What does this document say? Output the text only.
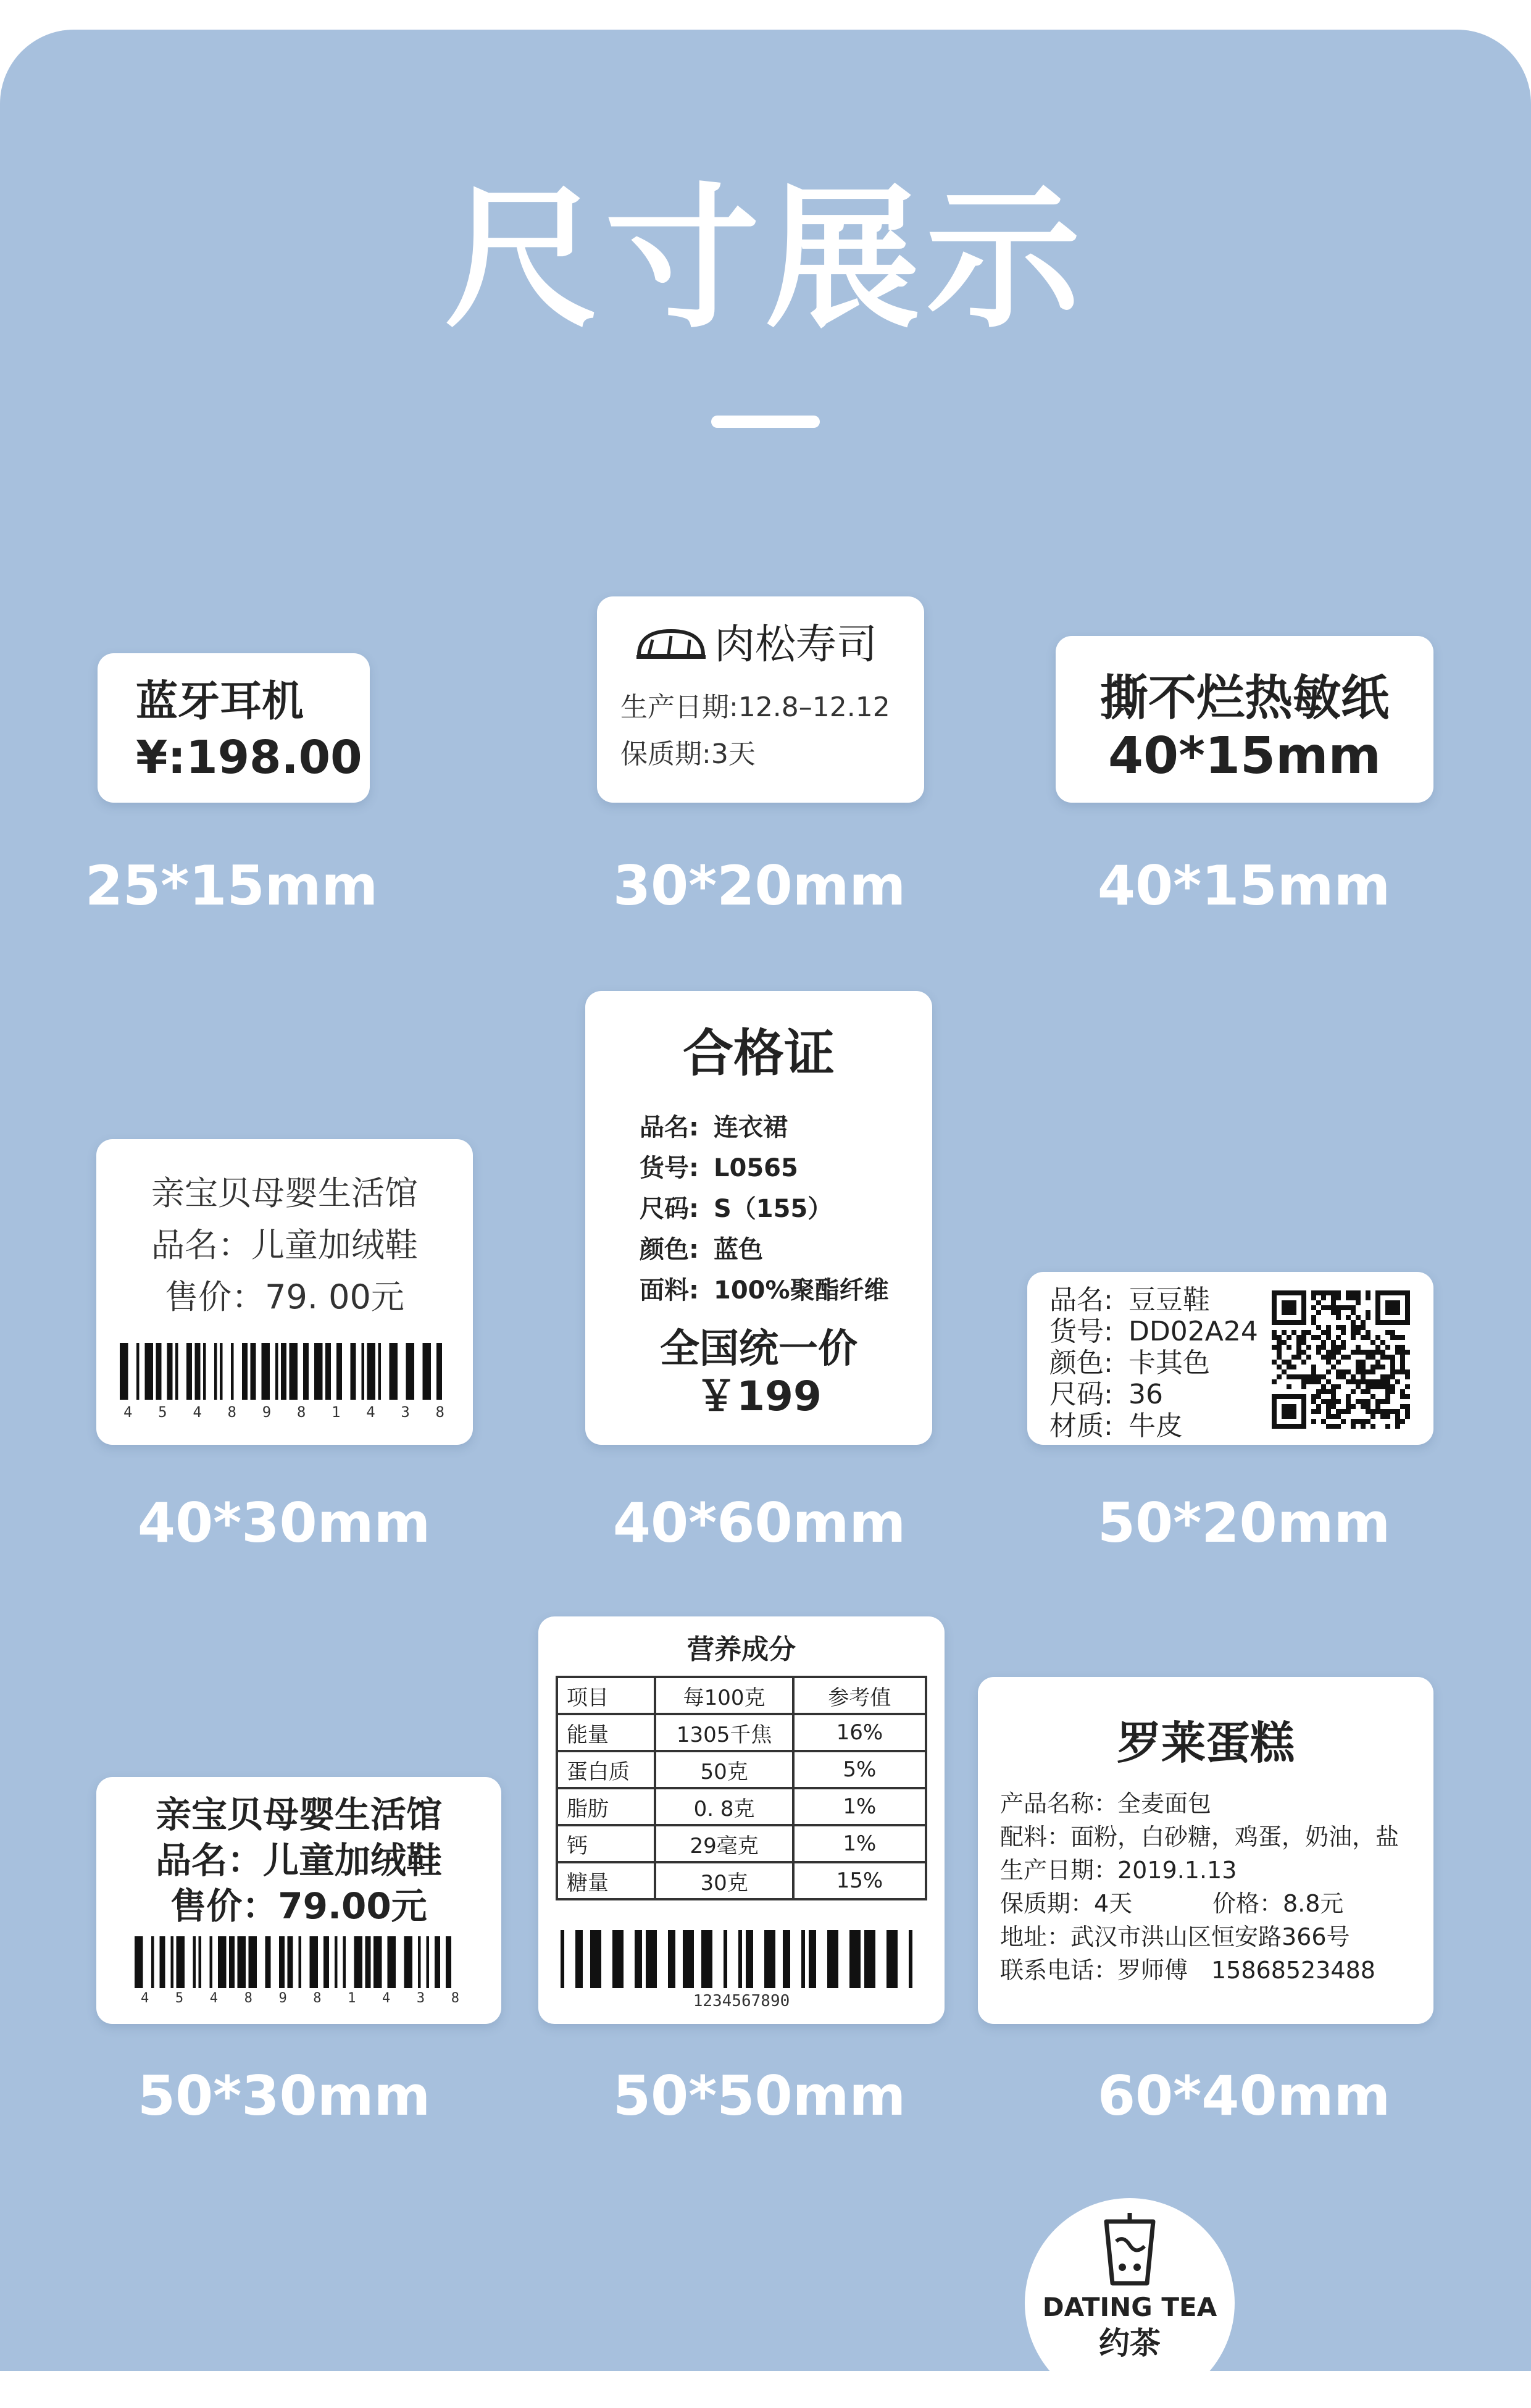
尺寸展示
蓝牙耳机
¥:198.00
25*15mm
肉松寿司
生产日期:12.8–12.12
保质期:3天
30*20mm
撕不烂热敏纸
40*15mm
40*15mm
亲宝贝母婴生活馆
品名：儿童加绒鞋
售价：79. 00元
4 5 4 8 9 8 1 4 3 8
40*30mm
合格证
品名: 连衣裙
货号: L0565
尺码: S（155）
颜色: 蓝色
面料: 100%聚酯纤维
全国统一价
￥199
40*60mm
品名: 豆豆鞋
货号: DD02A24
颜色: 卡其色
尺码: 36
材质: 牛皮
50*20mm
亲宝贝母婴生活馆
品名：儿童加绒鞋
售价：79.00元
4 5 4 8 9 8 1 4 3 8
50*30mm
营养成分
项目	每100克	参考值
能量	1305千焦	16%
蛋白质	50克	5%
脂肪	0. 8克	1%
钙	29毫克	1%
糖量	30克	15%
1234567890
50*50mm
罗莱蛋糕
产品名称：全麦面包
配料：面粉，白砂糖，鸡蛋，奶油，盐
生产日期：2019.1.13
保质期：4天	价格：8.8元
地址：武汉市洪山区恒安路366号
联系电话：罗师傅　15868523488
60*40mm
DATING TEA
约茶
